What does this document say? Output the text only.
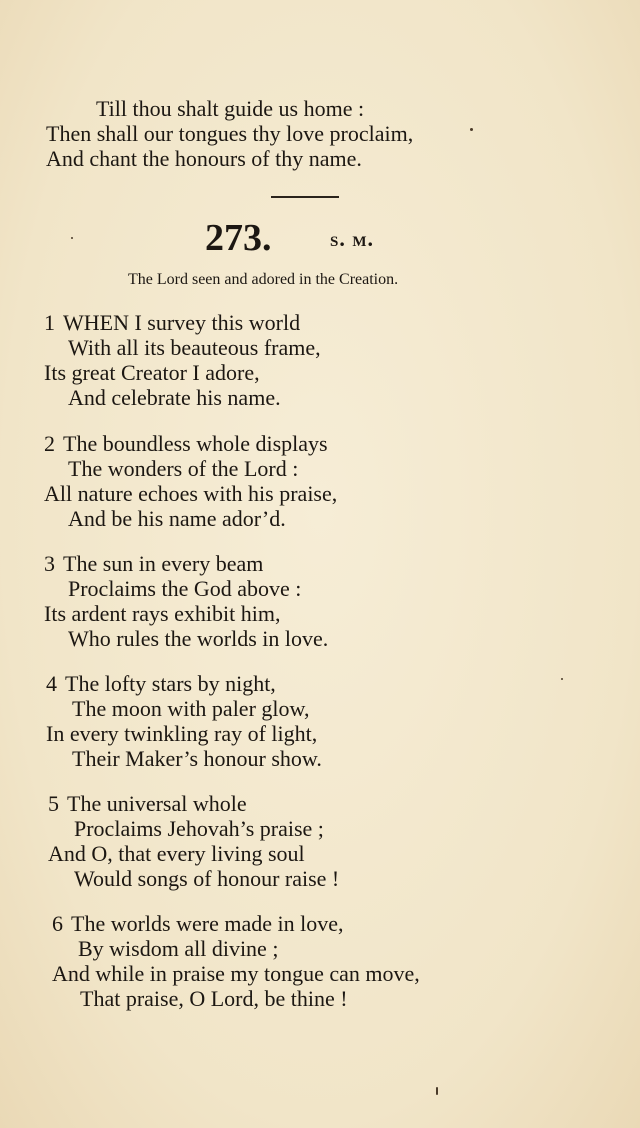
Till thou shalt guide us home :
Then shall our tongues thy love proclaim,
And chant the honours of thy name.
273.	s. m.
The Lord seen and adored in the Creation.
1 WHEN I survey this world
With all its beauteous frame,
Its great Creator I adore,
And celebrate his name.
2 The boundless whole displays
The wonders of the Lord :
All nature echoes with his praise,
And be his name ador’d.
3 The sun in every beam
Proclaims the God above :
Its ardent rays exhibit him,
Who rules the worlds in love.
4 The lofty stars by night,
The moon with paler glow,
In every twinkling ray of light,
Their Maker’s honour show.
5 The universal whole
Proclaims Jehovah’s praise ;
And O, that every living soul
Would songs of honour raise !
6 The worlds were made in love,
By wisdom all divine ;
And while in praise my tongue can move,
That praise, O Lord, be thine !
